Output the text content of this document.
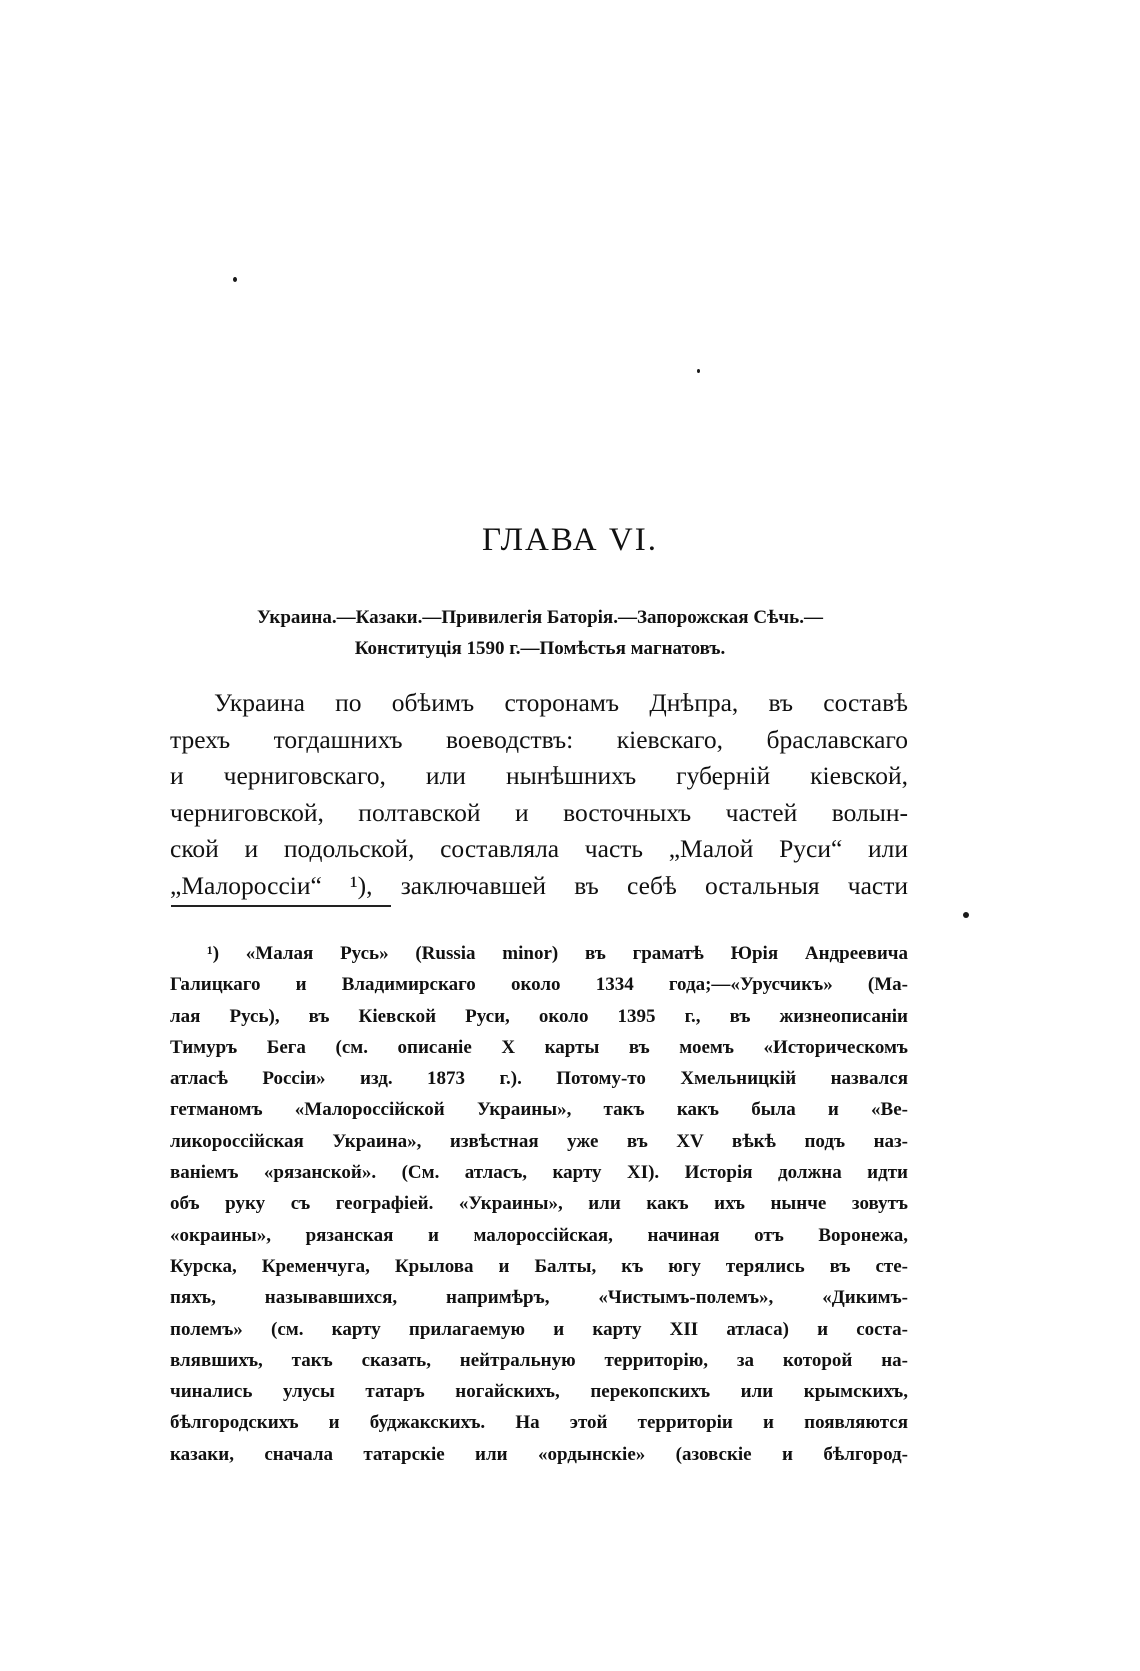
ГЛАВА VI.
Украина.—Казаки.—Привилегія Баторія.—Запорожская Сѣчь.—
Конституція 1590 г.—Помѣстья магнатовъ.
Украина по обѣимъ сторонамъ Днѣпра, въ составѣ
трехъ тогдашнихъ воеводствъ: кіевскаго, браславскаго
и черниговскаго, или нынѣшнихъ губерній кіевской,
черниговской, полтавской и восточныхъ частей волын-
ской и подольской, составляла часть „Малой Руси“ или
„Малороссіи“ ¹), заключавшей въ себѣ остальныя части
¹) «Малая Русь» (Russia minor) въ граматѣ Юрія Андреевича
Галицкаго и Владимирскаго около 1334 года;—«Урусчикъ» (Ма-
лая Русь), въ Кіевской Руси, около 1395 г., въ жизнеописаніи
Тимуръ Бега (см. описаніе X карты въ моемъ «Историческомъ
атласѣ Россіи» изд. 1873 г.). Потому-то Хмельницкій назвался
гетманомъ «Малороссійской Украины», такъ какъ была и «Ве-
ликороссійская Украина», извѣстная уже въ XV вѣкѣ подъ наз-
ваніемъ «рязанской». (См. атласъ, карту XI). Исторія должна идти
объ руку съ географіей. «Украины», или какъ ихъ нынче зовутъ
«окраины», рязанская и малороссійская, начиная отъ Воронежа,
Курска, Кременчуга, Крылова и Балты, къ югу терялись въ сте-
пяхъ, называвшихся, напримѣръ, «Чистымъ-полемъ», «Дикимъ-
полемъ» (см. карту прилагаемую и карту XII атласа) и соста-
влявшихъ, такъ сказать, нейтральную территорію, за которой на-
чинались улусы татаръ ногайскихъ, перекопскихъ или крымскихъ,
бѣлгородскихъ и буджакскихъ. На этой территоріи и появляются
казаки, сначала татарскіе или «ордынскіе» (азовскіе и бѣлгород-
